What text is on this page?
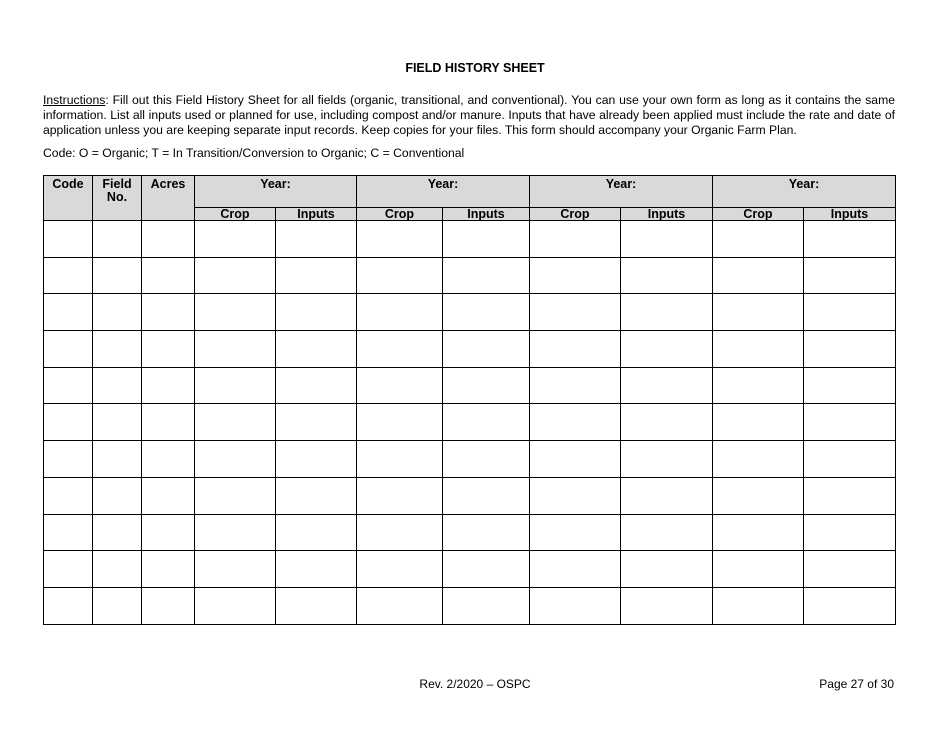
FIELD HISTORY SHEET
Instructions: Fill out this Field History Sheet for all fields (organic, transitional, and conventional). You can use your own form as long as it contains the same information. List all inputs used or planned for use, including compost and/or manure. Inputs that have already been applied must include the rate and date of application unless you are keeping separate input records. Keep copies for your files. This form should accompany your Organic Farm Plan.
Code: O = Organic; T = In Transition/Conversion to Organic; C = Conventional
Code	Field No.	Acres	Year:		Year:		Year:		Year:	
			Crop	Inputs	Crop	Inputs	Crop	Inputs	Crop	Inputs

Rev. 2/2020 – OSPC	Page 27 of 30
